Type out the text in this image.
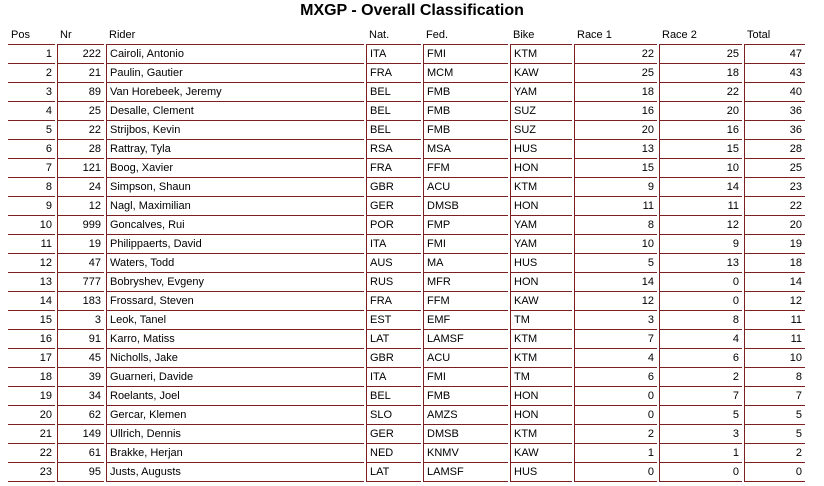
MXGP - Overall Classification
Pos	Nr	Rider	Nat.	Fed.	Bike	Race 1	Race 2	Total
1	222	Cairoli, Antonio	ITA	FMI	KTM	22	25	47
2	21	Paulin, Gautier	FRA	MCM	KAW	25	18	43
3	89	Van Horebeek, Jeremy	BEL	FMB	YAM	18	22	40
4	25	Desalle, Clement	BEL	FMB	SUZ	16	20	36
5	22	Strijbos, Kevin	BEL	FMB	SUZ	20	16	36
6	28	Rattray, Tyla	RSA	MSA	HUS	13	15	28
7	121	Boog, Xavier	FRA	FFM	HON	15	10	25
8	24	Simpson, Shaun	GBR	ACU	KTM	9	14	23
9	12	Nagl, Maximilian	GER	DMSB	HON	11	11	22
10	999	Goncalves, Rui	POR	FMP	YAM	8	12	20
11	19	Philippaerts, David	ITA	FMI	YAM	10	9	19
12	47	Waters, Todd	AUS	MA	HUS	5	13	18
13	777	Bobryshev, Evgeny	RUS	MFR	HON	14	0	14
14	183	Frossard, Steven	FRA	FFM	KAW	12	0	12
15	3	Leok, Tanel	EST	EMF	TM	3	8	11
16	91	Karro, Matiss	LAT	LAMSF	KTM	7	4	11
17	45	Nicholls, Jake	GBR	ACU	KTM	4	6	10
18	39	Guarneri, Davide	ITA	FMI	TM	6	2	8
19	34	Roelants, Joel	BEL	FMB	HON	0	7	7
20	62	Gercar, Klemen	SLO	AMZS	HON	0	5	5
21	149	Ullrich, Dennis	GER	DMSB	KTM	2	3	5
22	61	Brakke, Herjan	NED	KNMV	KAW	1	1	2
23	95	Justs, Augusts	LAT	LAMSF	HUS	0	0	0
